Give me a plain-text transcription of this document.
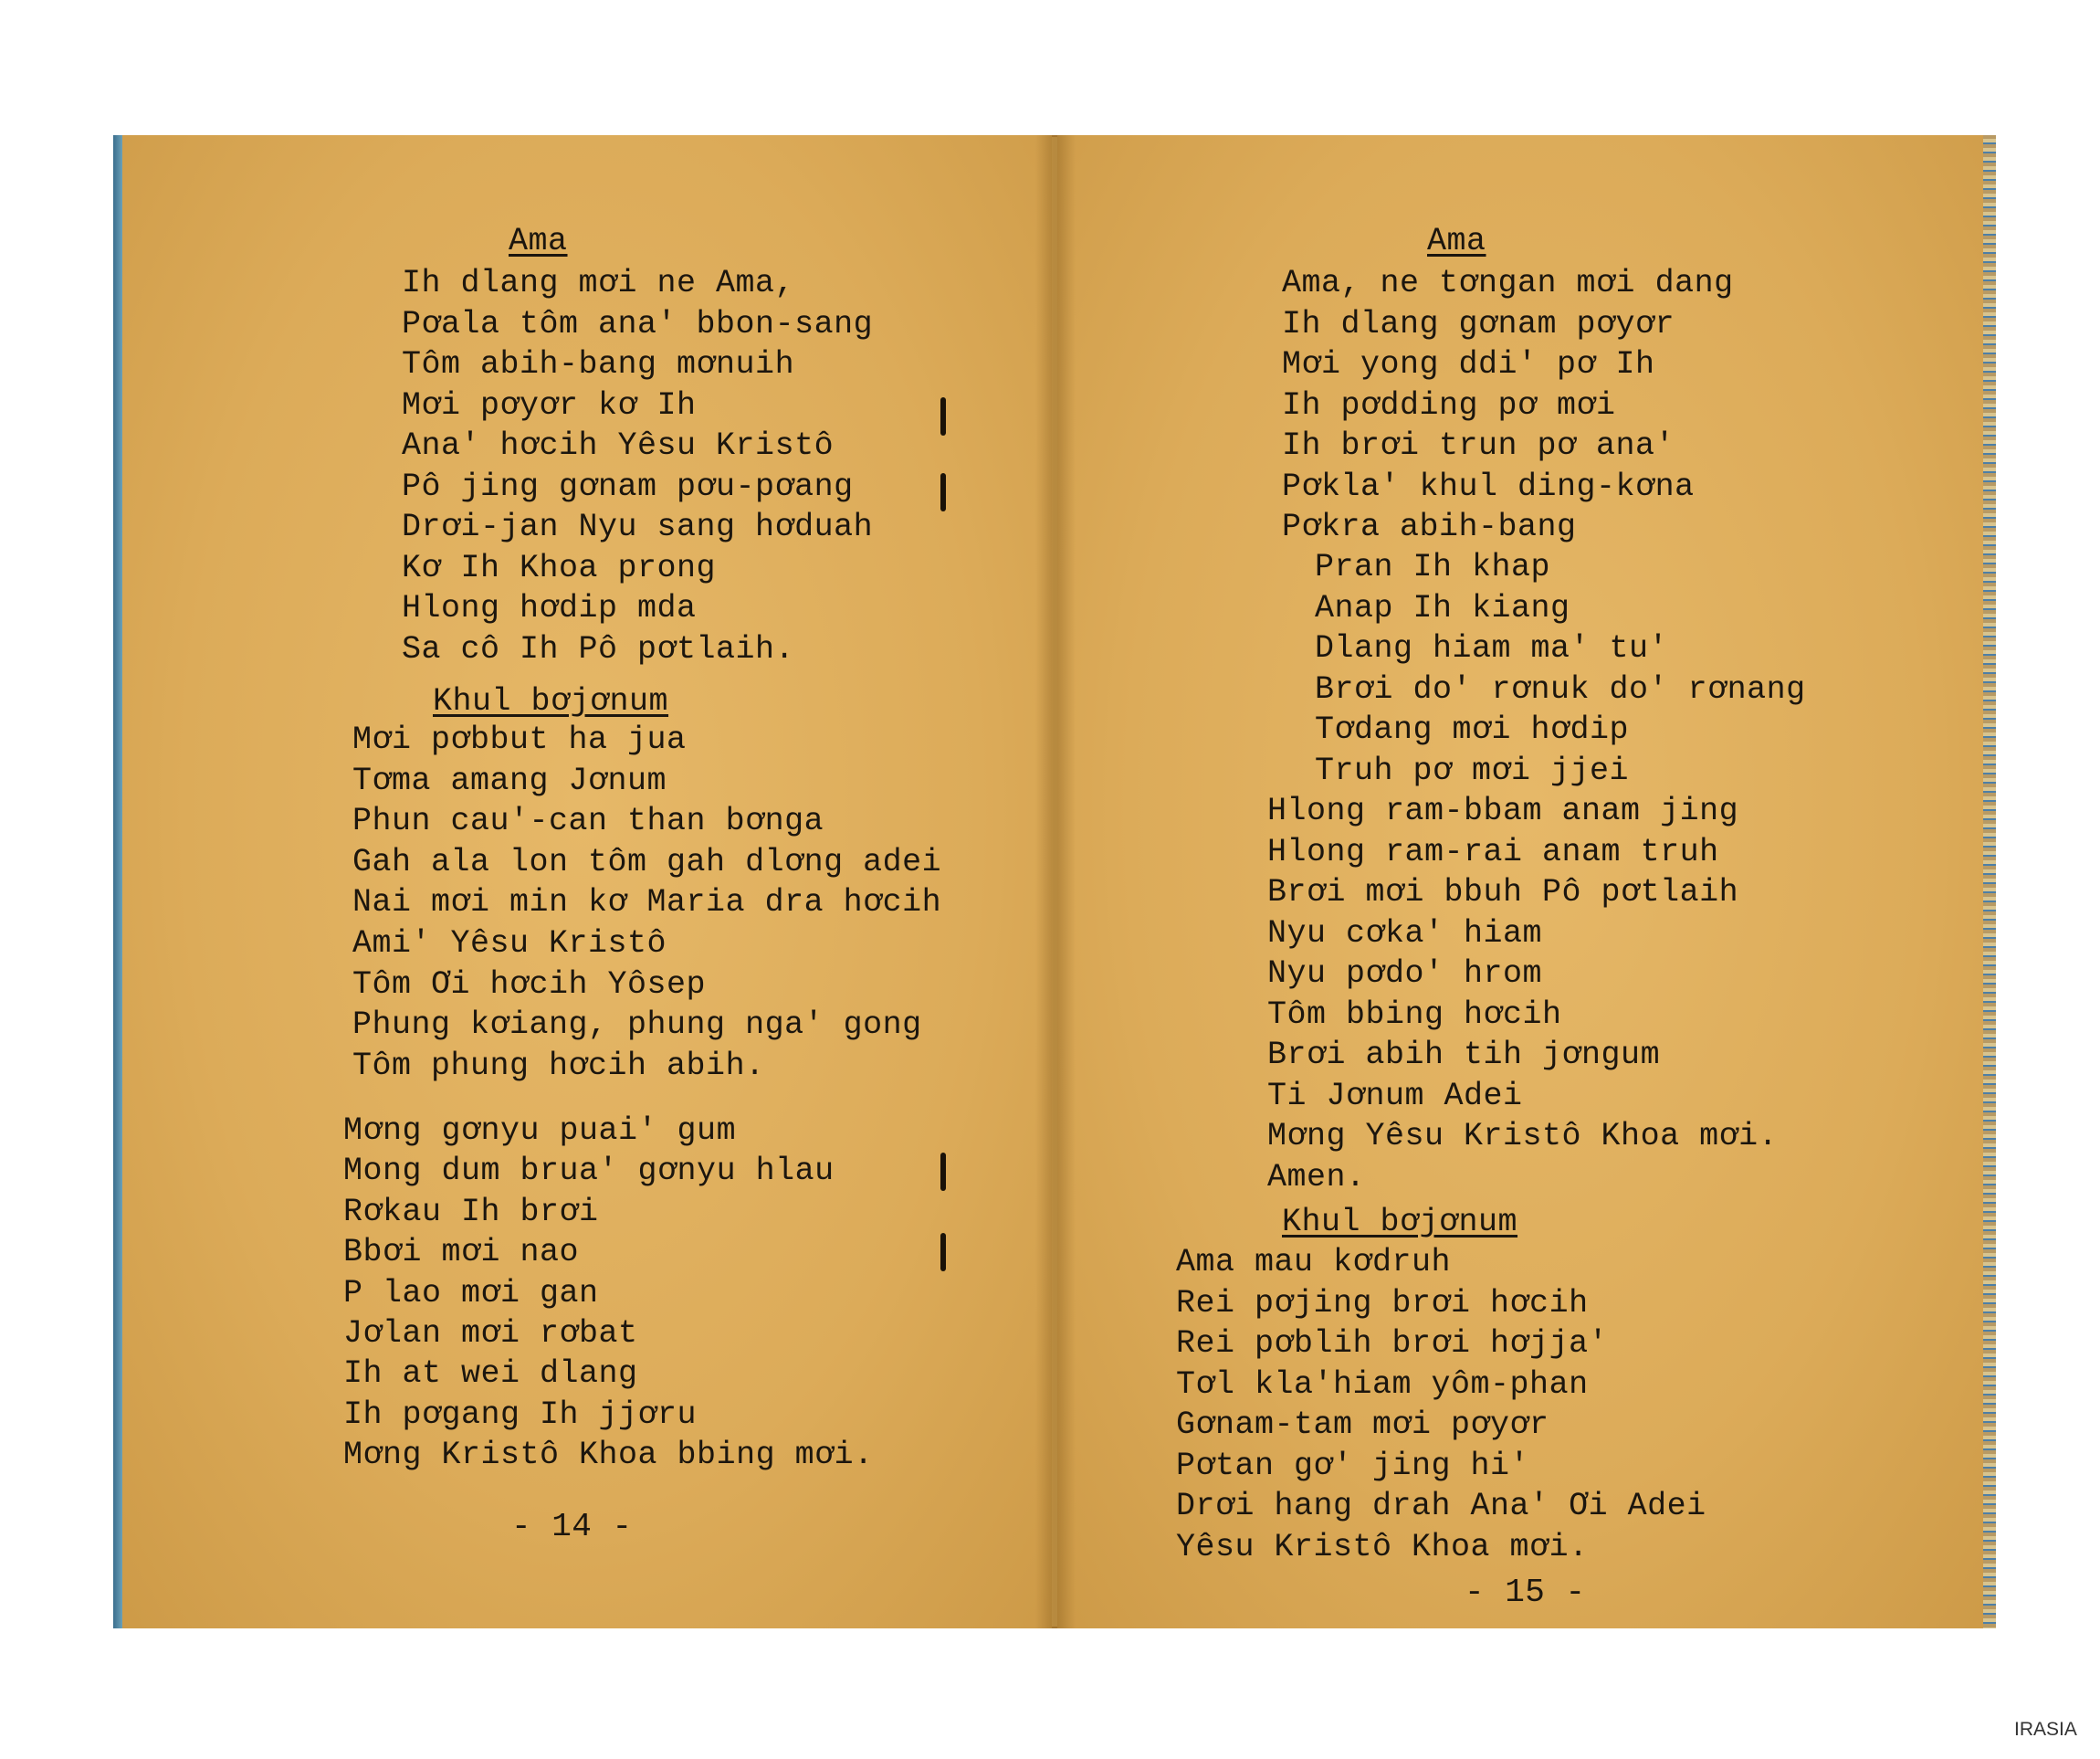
Ama

Ih dlang mơi ne Ama,

Pơala tôm ana' bbon-sang

Tôm abih-bang mơnuih

Mơi pơyơr kơ Ih

Ana' hơcih Yêsu Kristô

Pô jing gơnam pơu-pơang

Drơi-jan Nyu sang hơduah

Kơ Ih Khoa prong

Hlong hơdip mda

Sa cô Ih Pô pơtlaih.

Khul bơjơnum

Mơi pơbbut ha jua

Tơma amang Jơnum

Phun cau'-can than bơnga

Gah ala lon tôm gah dlơng adei

Nai mơi min kơ Maria dra hơcih

Ami' Yêsu Kristô

Tôm Ơi hơcih Yôsep

Phung kơiang, phung nga' gong

Tôm phung hơcih abih.

Mơng gơnyu puai' gum

Mong dum brua' gơnyu hlau

Rơkau Ih brơi

Bbơi mơi nao

P lao mơi gan

Jơlan mơi rơbat

Ih at wei dlang

Ih pơgang Ih jjơru

Mơng Kristô Khoa bbing mơi.

- 14 -

Ama

Ama, ne tơngan mơi dang

Ih dlang gơnam pơyơr

Mơi yong ddi' pơ Ih

Ih pơdding pơ mơi

Ih brơi trun pơ ana'

Pơkla' khul ding-kơna

Pơkra abih-bang

Pran Ih khap

Anap Ih kiang

Dlang hiam ma' tu'

Brơi do' rơnuk do' rơnang

Tơdang mơi hơdip

Truh pơ mơi jjei

Hlong ram-bbam anam jing

Hlong ram-rai anam truh

Brơi mơi bbuh Pô pơtlaih

Nyu cơka' hiam

Nyu pơdo' hrom

Tôm bbing hơcih

Brơi abih tih jơngum

Ti Jơnum Adei

Mơng Yêsu Kristô Khoa mơi.

Amen.

Khul bơjơnum

Ama mau kơdruh

Rei pơjing brơi hơcih

Rei pơblih brơi hơjja'

Tơl kla'hiam yôm-phan

Gơnam-tam mơi pơyơr

Pơtan gơ' jing hi'

Drơi hang drah Ana' Ơi Adei

Yêsu Kristô Khoa mơi.

- 15 -

IRASIA
